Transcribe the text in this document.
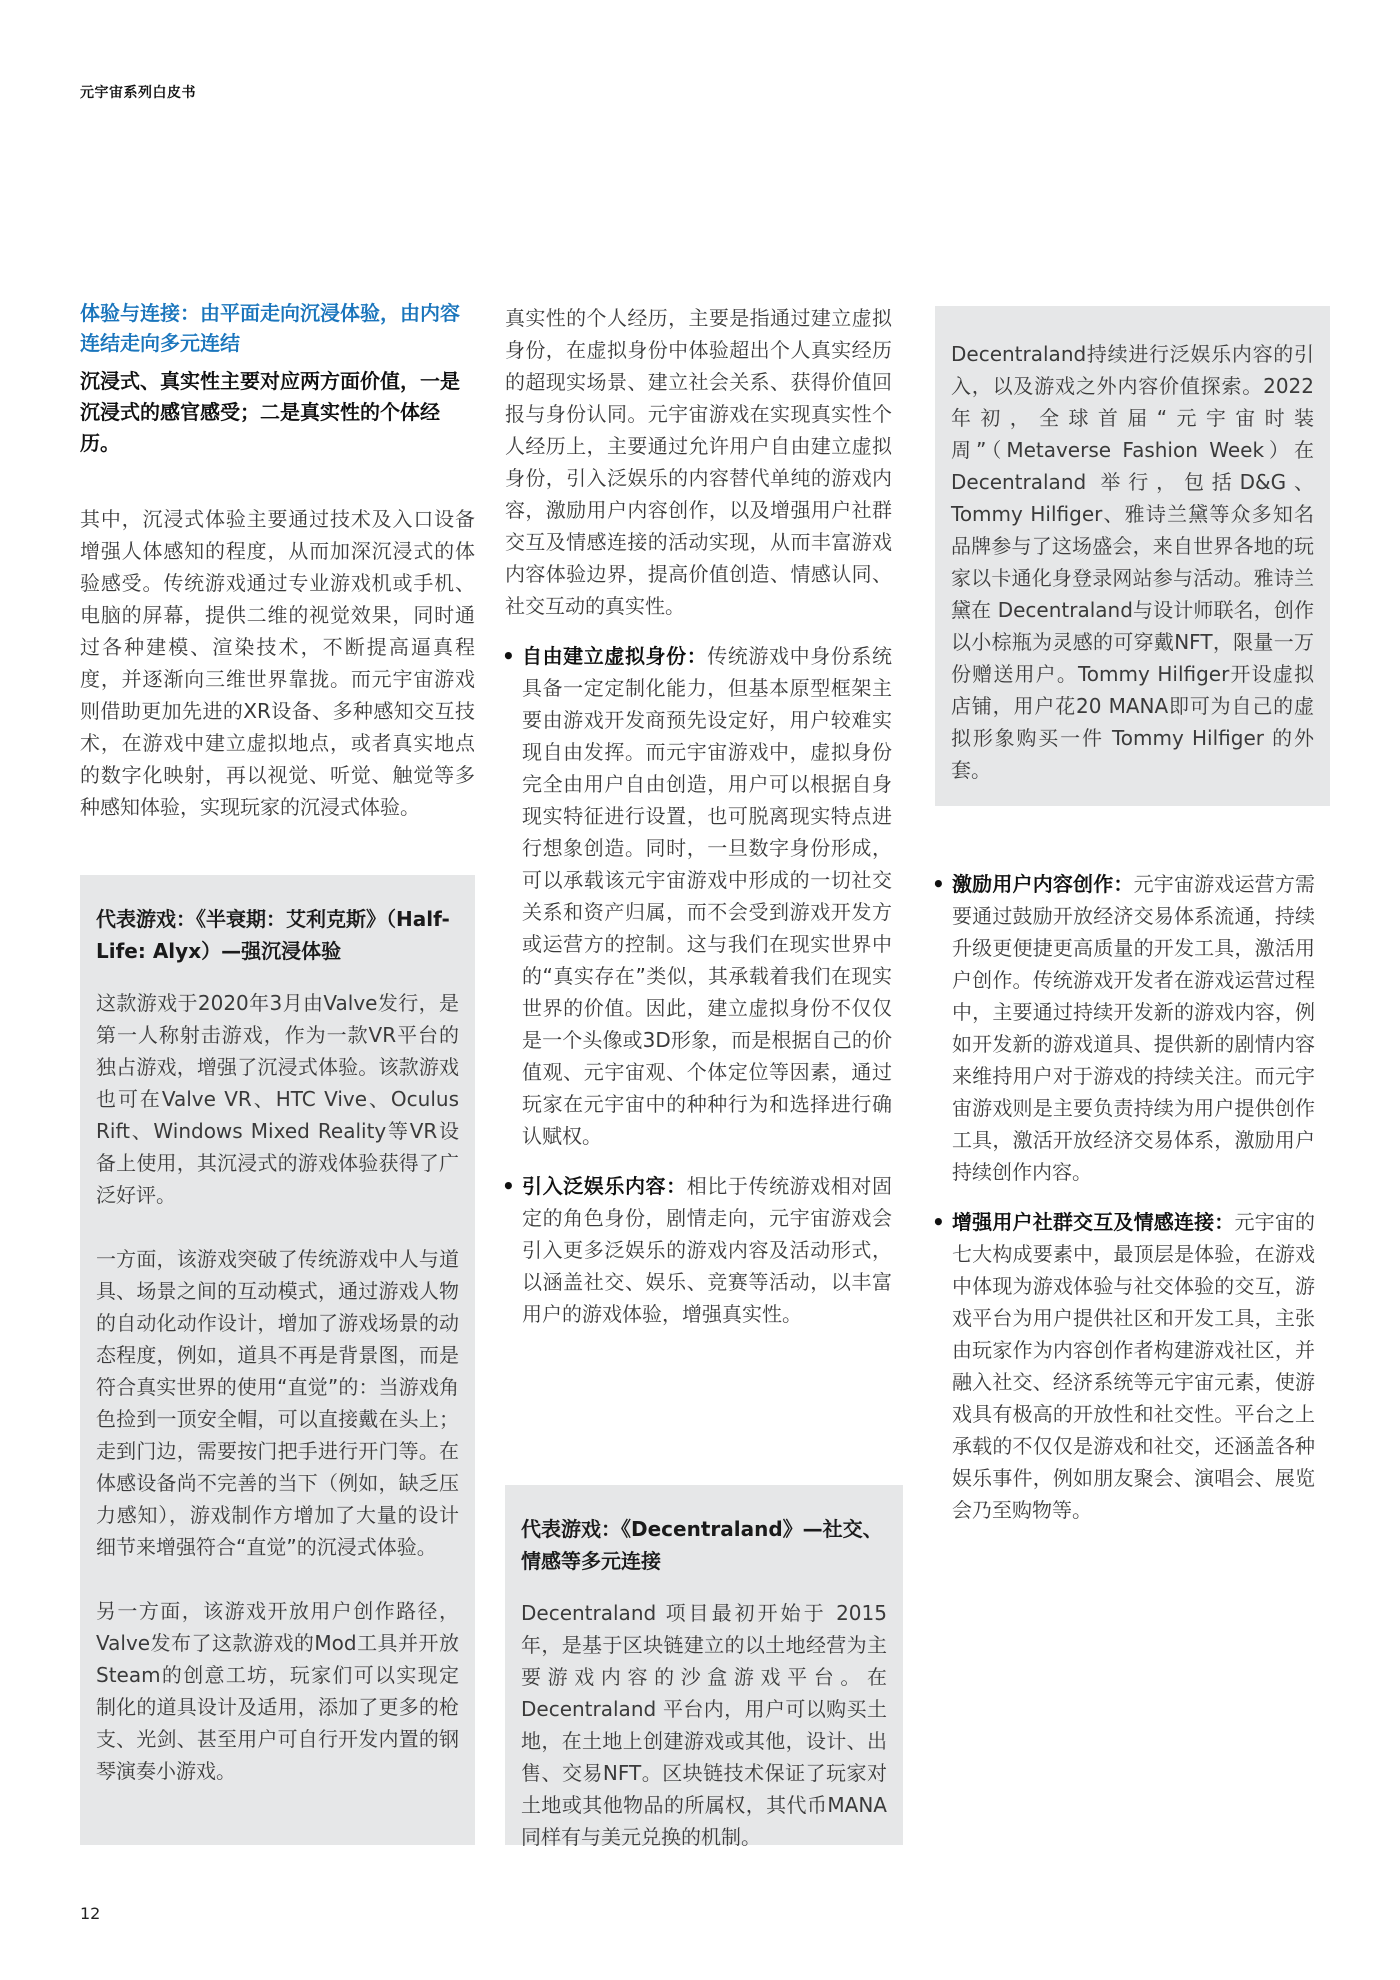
元宇宙系列白皮书

体验与连接：由平面走向沉浸体验，由内容连结走向多元连结

沉浸式、真实性主要对应两方面价值，一是沉浸式的感官感受；二是真实性的个体经历。

其中，沉浸式体验主要通过技术及入口设备增强人体感知的程度，从而加深沉浸式的体验感受。传统游戏通过专业游戏机或手机、电脑的屏幕，提供二维的视觉效果，同时通过各种建模、渲染技术，不断提高逼真程度，并逐渐向三维世界靠拢。而元宇宙游戏则借助更加先进的XR设备、多种感知交互技术，在游戏中建立虚拟地点，或者真实地点的数字化映射，再以视觉、听觉、触觉等多种感知体验，实现玩家的沉浸式体验。

代表游戏：《半衰期：艾利克斯》（Half-Life: Alyx）—强沉浸体验

这款游戏于2020年3月由Valve发行，是第一人称射击游戏，作为一款VR平台的独占游戏，增强了沉浸式体验。该款游戏也可在Valve VR、HTC Vive、Oculus Rift、Windows Mixed Reality等VR设备上使用，其沉浸式的游戏体验获得了广泛好评。

一方面，该游戏突破了传统游戏中人与道具、场景之间的互动模式，通过游戏人物的自动化动作设计，增加了游戏场景的动态程度，例如，道具不再是背景图，而是符合真实世界的使用“直觉”的：当游戏角色捡到一顶安全帽，可以直接戴在头上；走到门边，需要按门把手进行开门等。在体感设备尚不完善的当下（例如，缺乏压力感知），游戏制作方增加了大量的设计细节来增强符合“直觉”的沉浸式体验。

另一方面，该游戏开放用户创作路径，Valve发布了这款游戏的Mod工具并开放Steam的创意工坊，玩家们可以实现定制化的道具设计及适用，添加了更多的枪支、光剑、甚至用户可自行开发内置的钢琴演奏小游戏。

真实性的个人经历，主要是指通过建立虚拟身份，在虚拟身份中体验超出个人真实经历的超现实场景、建立社会关系、获得价值回报与身份认同。元宇宙游戏在实现真实性个人经历上，主要通过允许用户自由建立虚拟身份，引入泛娱乐的内容替代单纯的游戏内容，激励用户内容创作，以及增强用户社群交互及情感连接的活动实现，从而丰富游戏内容体验边界，提高价值创造、情感认同、社交互动的真实性。

• 自由建立虚拟身份：传统游戏中身份系统具备一定定制化能力，但基本原型框架主要由游戏开发商预先设定好，用户较难实现自由发挥。而元宇宙游戏中，虚拟身份完全由用户自由创造，用户可以根据自身现实特征进行设置，也可脱离现实特点进行想象创造。同时，一旦数字身份形成，可以承载该元宇宙游戏中形成的一切社交关系和资产归属，而不会受到游戏开发方或运营方的控制。这与我们在现实世界中的“真实存在”类似，其承载着我们在现实世界的价值。因此，建立虚拟身份不仅仅是一个头像或3D形象，而是根据自己的价值观、元宇宙观、个体定位等因素，通过玩家在元宇宙中的种种行为和选择进行确认赋权。
• 引入泛娱乐内容：相比于传统游戏相对固定的角色身份，剧情走向，元宇宙游戏会引入更多泛娱乐的游戏内容及活动形式，以涵盖社交、娱乐、竞赛等活动，以丰富用户的游戏体验，增强真实性。

代表游戏：《Decentraland》—社交、情感等多元连接

Decentraland 项目最初开始于 2015 年，是基于区块链建立的以土地经营为主要游戏内容的沙盒游戏平台。在 Decentraland 平台内，用户可以购买土地，在土地上创建游戏或其他，设计、出售、交易NFT。区块链技术保证了玩家对土地或其他物品的所属权，其代币MANA同样有与美元兑换的机制。

Decentraland持续进行泛娱乐内容的引入，以及游戏之外内容价值探索。2022年初，全球首届“元宇宙时装周”（Metaverse Fashion Week）在Decentraland 举行，包括D&G、Tommy Hilfiger、雅诗兰黛等众多知名品牌参与了这场盛会，来自世界各地的玩家以卡通化身登录网站参与活动。雅诗兰黛在 Decentraland与设计师联名，创作以小棕瓶为灵感的可穿戴NFT，限量一万份赠送用户。Tommy Hilfiger开设虚拟店铺，用户花20 MANA即可为自己的虚拟形象购买一件 Tommy Hilfiger 的外套。

• 激励用户内容创作：元宇宙游戏运营方需要通过鼓励开放经济交易体系流通，持续升级更便捷更高质量的开发工具，激活用户创作。传统游戏开发者在游戏运营过程中，主要通过持续开发新的游戏内容，例如开发新的游戏道具、提供新的剧情内容来维持用户对于游戏的持续关注。而元宇宙游戏则是主要负责持续为用户提供创作工具，激活开放经济交易体系，激励用户持续创作内容。
• 增强用户社群交互及情感连接：元宇宙的七大构成要素中，最顶层是体验，在游戏中体现为游戏体验与社交体验的交互，游戏平台为用户提供社区和开发工具，主张由玩家作为内容创作者构建游戏社区，并融入社交、经济系统等元宇宙元素，使游戏具有极高的开放性和社交性。平台之上承载的不仅仅是游戏和社交，还涵盖各种娱乐事件，例如朋友聚会、演唱会、展览会乃至购物等。
12
